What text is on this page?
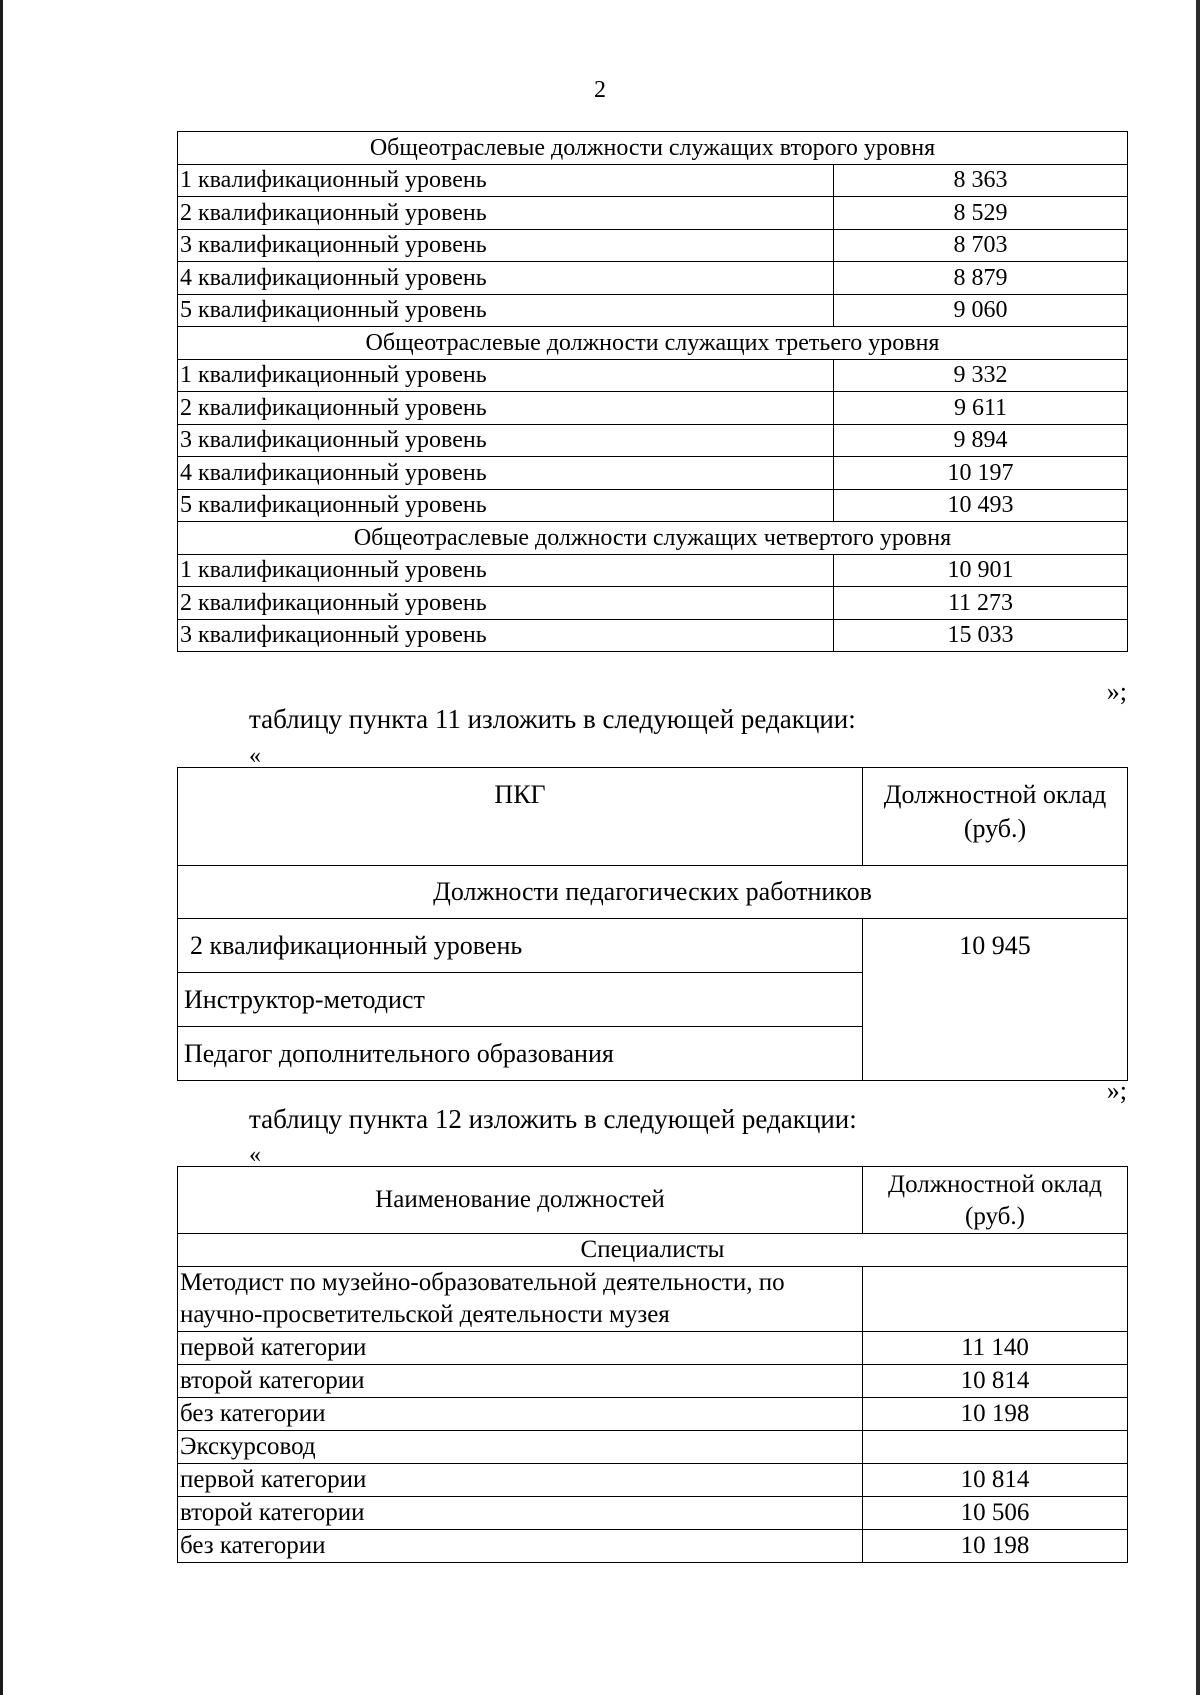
2
Общеотраслевые должности служащих второго уровня	
1 квалификационный уровень	8 363
2 квалификационный уровень	8 529
3 квалификационный уровень	8 703
4 квалификационный уровень	8 879
5 квалификационный уровень	9 060
Общеотраслевые должности служащих третьего уровня	
1 квалификационный уровень	9 332
2 квалификационный уровень	9 611
3 квалификационный уровень	9 894
4 квалификационный уровень	10 197
5 квалификационный уровень	10 493
Общеотраслевые должности служащих четвертого уровня	
1 квалификационный уровень	10 901
2 квалификационный уровень	11 273
3 квалификационный уровень	15 033
»;
таблицу пункта 11 изложить в следующей редакции:
«
ПКГ	Должностной оклад (руб.)
Должности педагогических работников	
2 квалификационный уровень	10 945
Инструктор-методист	
Педагог дополнительного образования	
»;
таблицу пункта 12 изложить в следующей редакции:
«
Наименование должностей	Должностной оклад (руб.)
Специалисты	
Методист по музейно-образовательной деятельности, по научно-просветительской деятельности музея	
первой категории	11 140
второй категории	10 814
без категории	10 198
Экскурсовод	
первой категории	10 814
второй категории	10 506
без категории	10 198
